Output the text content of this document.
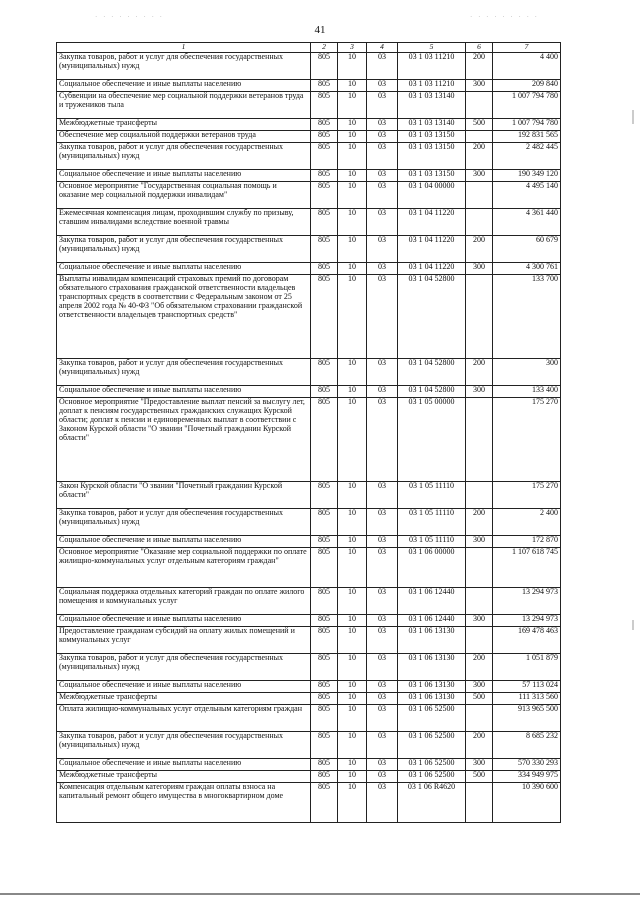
· · · · · · · · ·	· · · · · · · · ·
41
1	2	3	4	5	6	7
Закупка товаров, работ и услуг для обеспечения государственных (муниципальных) нужд	805	10	03	03 1 03 11210	200	4 400
Социальное обеспечение и иные выплаты населению	805	10	03	03 1 03 11210	300	209 840
Субвенции на обеспечение мер социальной поддержки ветеранов труда и тружеников тыла	805	10	03	03 1 03 13140		1 007 794 780
Межбюджетные трансферты	805	10	03	03 1 03 13140	500	1 007 794 780
Обеспечение мер социальной поддержки ветеранов труда	805	10	03	03 1 03 13150		192 831 565
Закупка товаров, работ и услуг для обеспечения государственных (муниципальных) нужд	805	10	03	03 1 03 13150	200	2 482 445
Социальное обеспечение и иные выплаты населению	805	10	03	03 1 03 13150	300	190 349 120
Основное мероприятие "Государственная социальная помощь и оказание мер социальной поддержки инвалидам"	805	10	03	03 1 04 00000		4 495 140
Ежемесячная компенсация лицам, проходившим службу по призыву, ставшим инвалидами вследствие военной травмы	805	10	03	03 1 04 11220		4 361 440
Закупка товаров, работ и услуг для обеспечения государственных (муниципальных) нужд	805	10	03	03 1 04 11220	200	60 679
Социальное обеспечение и иные выплаты населению	805	10	03	03 1 04 11220	300	4 300 761
Выплаты инвалидам компенсаций страховых премий по договорам обязательного страхования гражданской ответственности владельцев транспортных средств в соответствии с Федеральным законом от 25 апреля 2002 года № 40-ФЗ "Об обязательном страховании гражданской ответственности владельцев транспортных средств"	805	10	03	03 1 04 52800		133 700
Закупка товаров, работ и услуг для обеспечения государственных (муниципальных) нужд	805	10	03	03 1 04 52800	200	300
Социальное обеспечение и иные выплаты населению	805	10	03	03 1 04 52800	300	133 400
Основное мероприятие "Предоставление выплат пенсий за выслугу лет, доплат к пенсиям государственных гражданских служащих Курской области; доплат к пенсии и единовременных выплат в соответствии с Законом Курской области "О звании "Почетный гражданин Курской области"	805	10	03	03 1 05 00000		175 270
Закон Курской области "О звании "Почетный гражданин Курской области"	805	10	03	03 1 05 11110		175 270
Закупка товаров, работ и услуг для обеспечения государственных (муниципальных) нужд	805	10	03	03 1 05 11110	200	2 400
Социальное обеспечение и иные выплаты населению	805	10	03	03 1 05 11110	300	172 870
Основное мероприятие "Оказание мер социальной поддержки по оплате жилищно-коммунальных услуг отдельным категориям граждан"	805	10	03	03 1 06 00000		1 107 618 745
Социальная поддержка отдельных категорий граждан по оплате жилого помещения и коммунальных услуг	805	10	03	03 1 06 12440		13 294 973
Социальное обеспечение и иные выплаты населению	805	10	03	03 1 06 12440	300	13 294 973
Предоставление гражданам субсидий на оплату жилых помещений и коммунальных услуг	805	10	03	03 1 06 13130		169 478 463
Закупка товаров, работ и услуг для обеспечения государственных (муниципальных) нужд	805	10	03	03 1 06 13130	200	1 051 879
Социальное обеспечение и иные выплаты населению	805	10	03	03 1 06 13130	300	57 113 024
Межбюджетные трансферты	805	10	03	03 1 06 13130	500	111 313 560
Оплата жилищно-коммунальных услуг отдельным категориям граждан	805	10	03	03 1 06 52500		913 965 500
Закупка товаров, работ и услуг для обеспечения государственных (муниципальных) нужд	805	10	03	03 1 06 52500	200	8 685 232
Социальное обеспечение и иные выплаты населению	805	10	03	03 1 06 52500	300	570 330 293
Межбюджетные трансферты	805	10	03	03 1 06 52500	500	334 949 975
Компенсация отдельным категориям граждан оплаты взноса на капитальный ремонт общего имущества в многоквартирном доме	805	10	03	03 1 06 R4620		10 390 600
